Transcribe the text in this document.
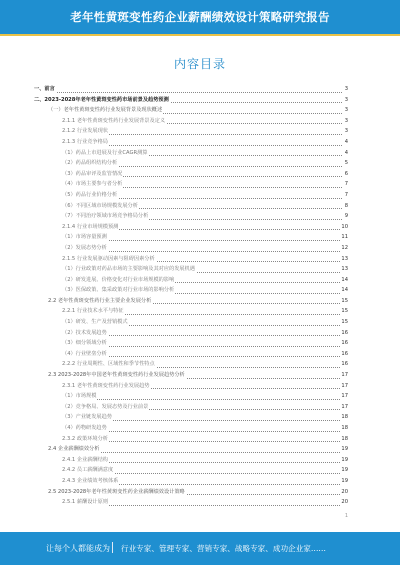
老年性黄斑变性药企业薪酬绩效设计策略研究报告
内容目录
一、前言	3
二、2023-2028年老年性黄斑变性药市场前景及趋势预测	3
（一）老年性黄斑变性药行业发展背景及现状概述	3
2.1.1 老年性黄斑变性药行业发展背景及定义	3
2.1.2 行业发展现状	3
2.1.3 行业竞争格局	4
（1）药品上市进展及行业CAGR测算	4
（2）药品组织结构分析	5
（3）药品审评及监管情况	6
（4）市场主要参与者分析	7
（5）药品行业价格分析	7
（6）不同区域市场规模发展分析	8
（7）不同治疗领域市场竞争格局分析	9
2.1.4 行业市场规模预测	10
（1）市场容量预测	11
（2）发展态势分析	12
2.1.5 行业发展驱动因素与阻碍因素分析	13
（1）行业政策对药品市场的主要影响及其对应的发展机遇	13
（2）研发进展、价格变化对行业市场规模的影响	14
（3）医保政策、集采政策对行业市场的影响分析	14
2.2 老年性黄斑变性药行业主要企业发展分析	15
2.2.1 行业技术水平与特征	15
（1）研发、生产及营销模式	15
（2）技术发展趋势	16
（3）细分领域分析	16
（4）行业壁垒分析	16
2.2.2 行业周期性、区域性和季节性特点	16
2.3 2023-2028年中国老年性黄斑变性药行业发展趋势分析	17
2.3.1 老年性黄斑变性药行业发展趋势	17
（1）市场规模	17
（2）竞争格局、发展态势及行业前景	17
（3）产业链发展趋势	18
（4）药物研发趋势	18
2.3.2 政策环境分析	18
2.4 企业薪酬绩效分析	19
2.4.1 企业薪酬结构	19
2.4.2 员工薪酬满意度	19
2.4.3 企业绩效考核体系	19
2.5 2023-2028年老年性黄斑变性药企业薪酬绩效设计策略	20
2.5.1 薪酬设计原则	20
1
让每个人都能成为 行业专家、管理专家、营销专家、战略专家、成功企业家……
